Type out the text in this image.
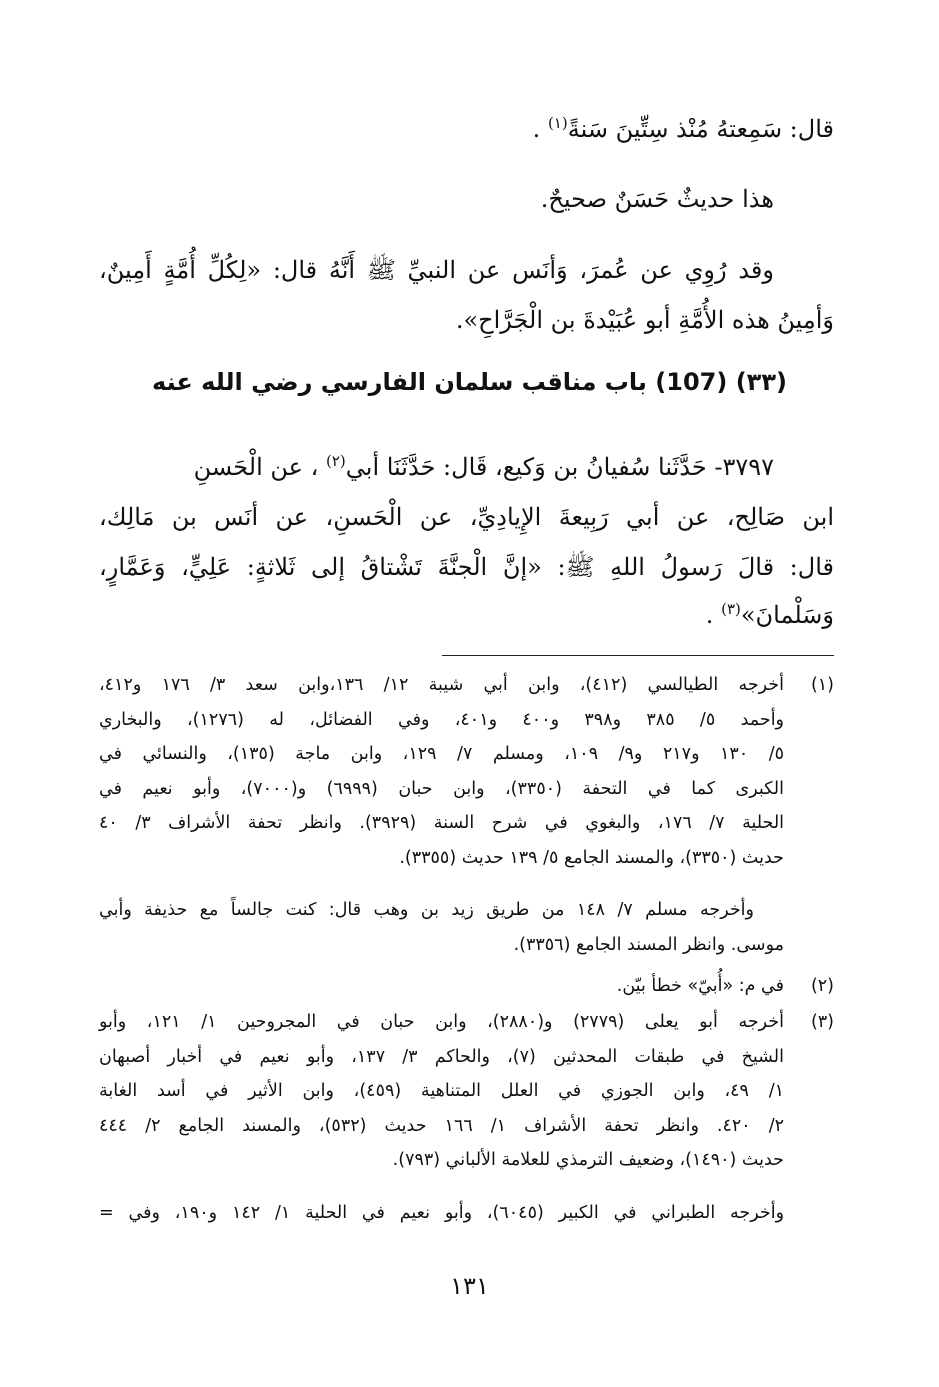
قال: سَمِعتهُ مُنْذ سِتِّينَ سَنةً$^{(١)}$ .
هذا حديثٌ حَسَنٌ صحيحٌ.
وقد رُوِي عن عُمرَ، وَأنَس عن النبيِّ ﷺ أَنَّهُ قال: «لِكُلِّ أُمَّةٍ أَمِينٌ،
وَأمِينُ هذه الأُمَّةِ أبو عُبَيْدةَ بن الْجَرَّاحِ».
(٣٣) (107) باب مناقب سلمان الفارسي رضي الله عنه
٣٧٩٧- حَدَّثَنا سُفيانُ بن وَكيع، قَال: حَدَّثَنَا أبي$^{(٢)}$ ، عن الْحَسنِ
ابن صَالِح، عن أبي رَبِيعةَ الإِيادِيِّ، عن الْحَسنِ، عن أنَس بن مَالِك،
قال: قالَ رَسولُ اللهِ ﷺ: «إنَّ الْجنَّةَ تَشْتاقُ إلى ثَلاثةٍ: عَلِيٍّ، وَعَمَّارٍ،
وَسَلْمانَ»$^{(٣)}$ .
(١)
أخرجه الطيالسي (٤١٢)، وابن أبي شيبة ١٢/ ١٣٦،وابن سعد ٣/ ١٧٦ و٤١٢،
وأحمد ٥/ ٣٨٥ و٣٩٨ و٤٠٠ و٤٠١، وفي الفضائل، له (١٢٧٦)، والبخاري
٥/ ١٣٠ و٢١٧ و٩/ ١٠٩، ومسلم ٧/ ١٢٩، وابن ماجة (١٣٥)، والنسائي في
الكبرى كما في التحفة (٣٣٥٠)، وابن حبان (٦٩٩٩) و(٧٠٠٠)، وأبو نعيم في
الحلية ٧/ ١٧٦، والبغوي في شرح السنة (٣٩٢٩). وانظر تحفة الأشراف ٣/ ٤٠
حديث (٣٣٥٠)، والمسند الجامع ٥/ ١٣٩ حديث (٣٣٥٥).
وأخرجه مسلم ٧/ ١٤٨ من طريق زيد بن وهب قال: كنت جالساً مع حذيفة وأبي
موسى. وانظر المسند الجامع (٣٣٥٦).
(٢)
في م: «أُبيّ» خطأ بيّن.
(٣)
أخرجه أبو يعلى (٢٧٧٩) و(٢٨٨٠)، وابن حبان في المجروحين ١/ ١٢١، وأبو
الشيخ في طبقات المحدثين (٧)، والحاكم ٣/ ١٣٧، وأبو نعيم في أخبار أصبهان
١/ ٤٩، وابن الجوزي في العلل المتناهية (٤٥٩)، وابن الأثير في أسد الغابة
٢/ ٤٢٠. وانظر تحفة الأشراف ١/ ١٦٦ حديث (٥٣٢)، والمسند الجامع ٢/ ٤٤٤
حديث (١٤٩٠)، وضعيف الترمذي للعلامة الألباني (٧٩٣).
وأخرجه الطبراني في الكبير (٦٠٤٥)، وأبو نعيم في الحلية ١/ ١٤٢ و١٩٠، وفي =
١٣١
